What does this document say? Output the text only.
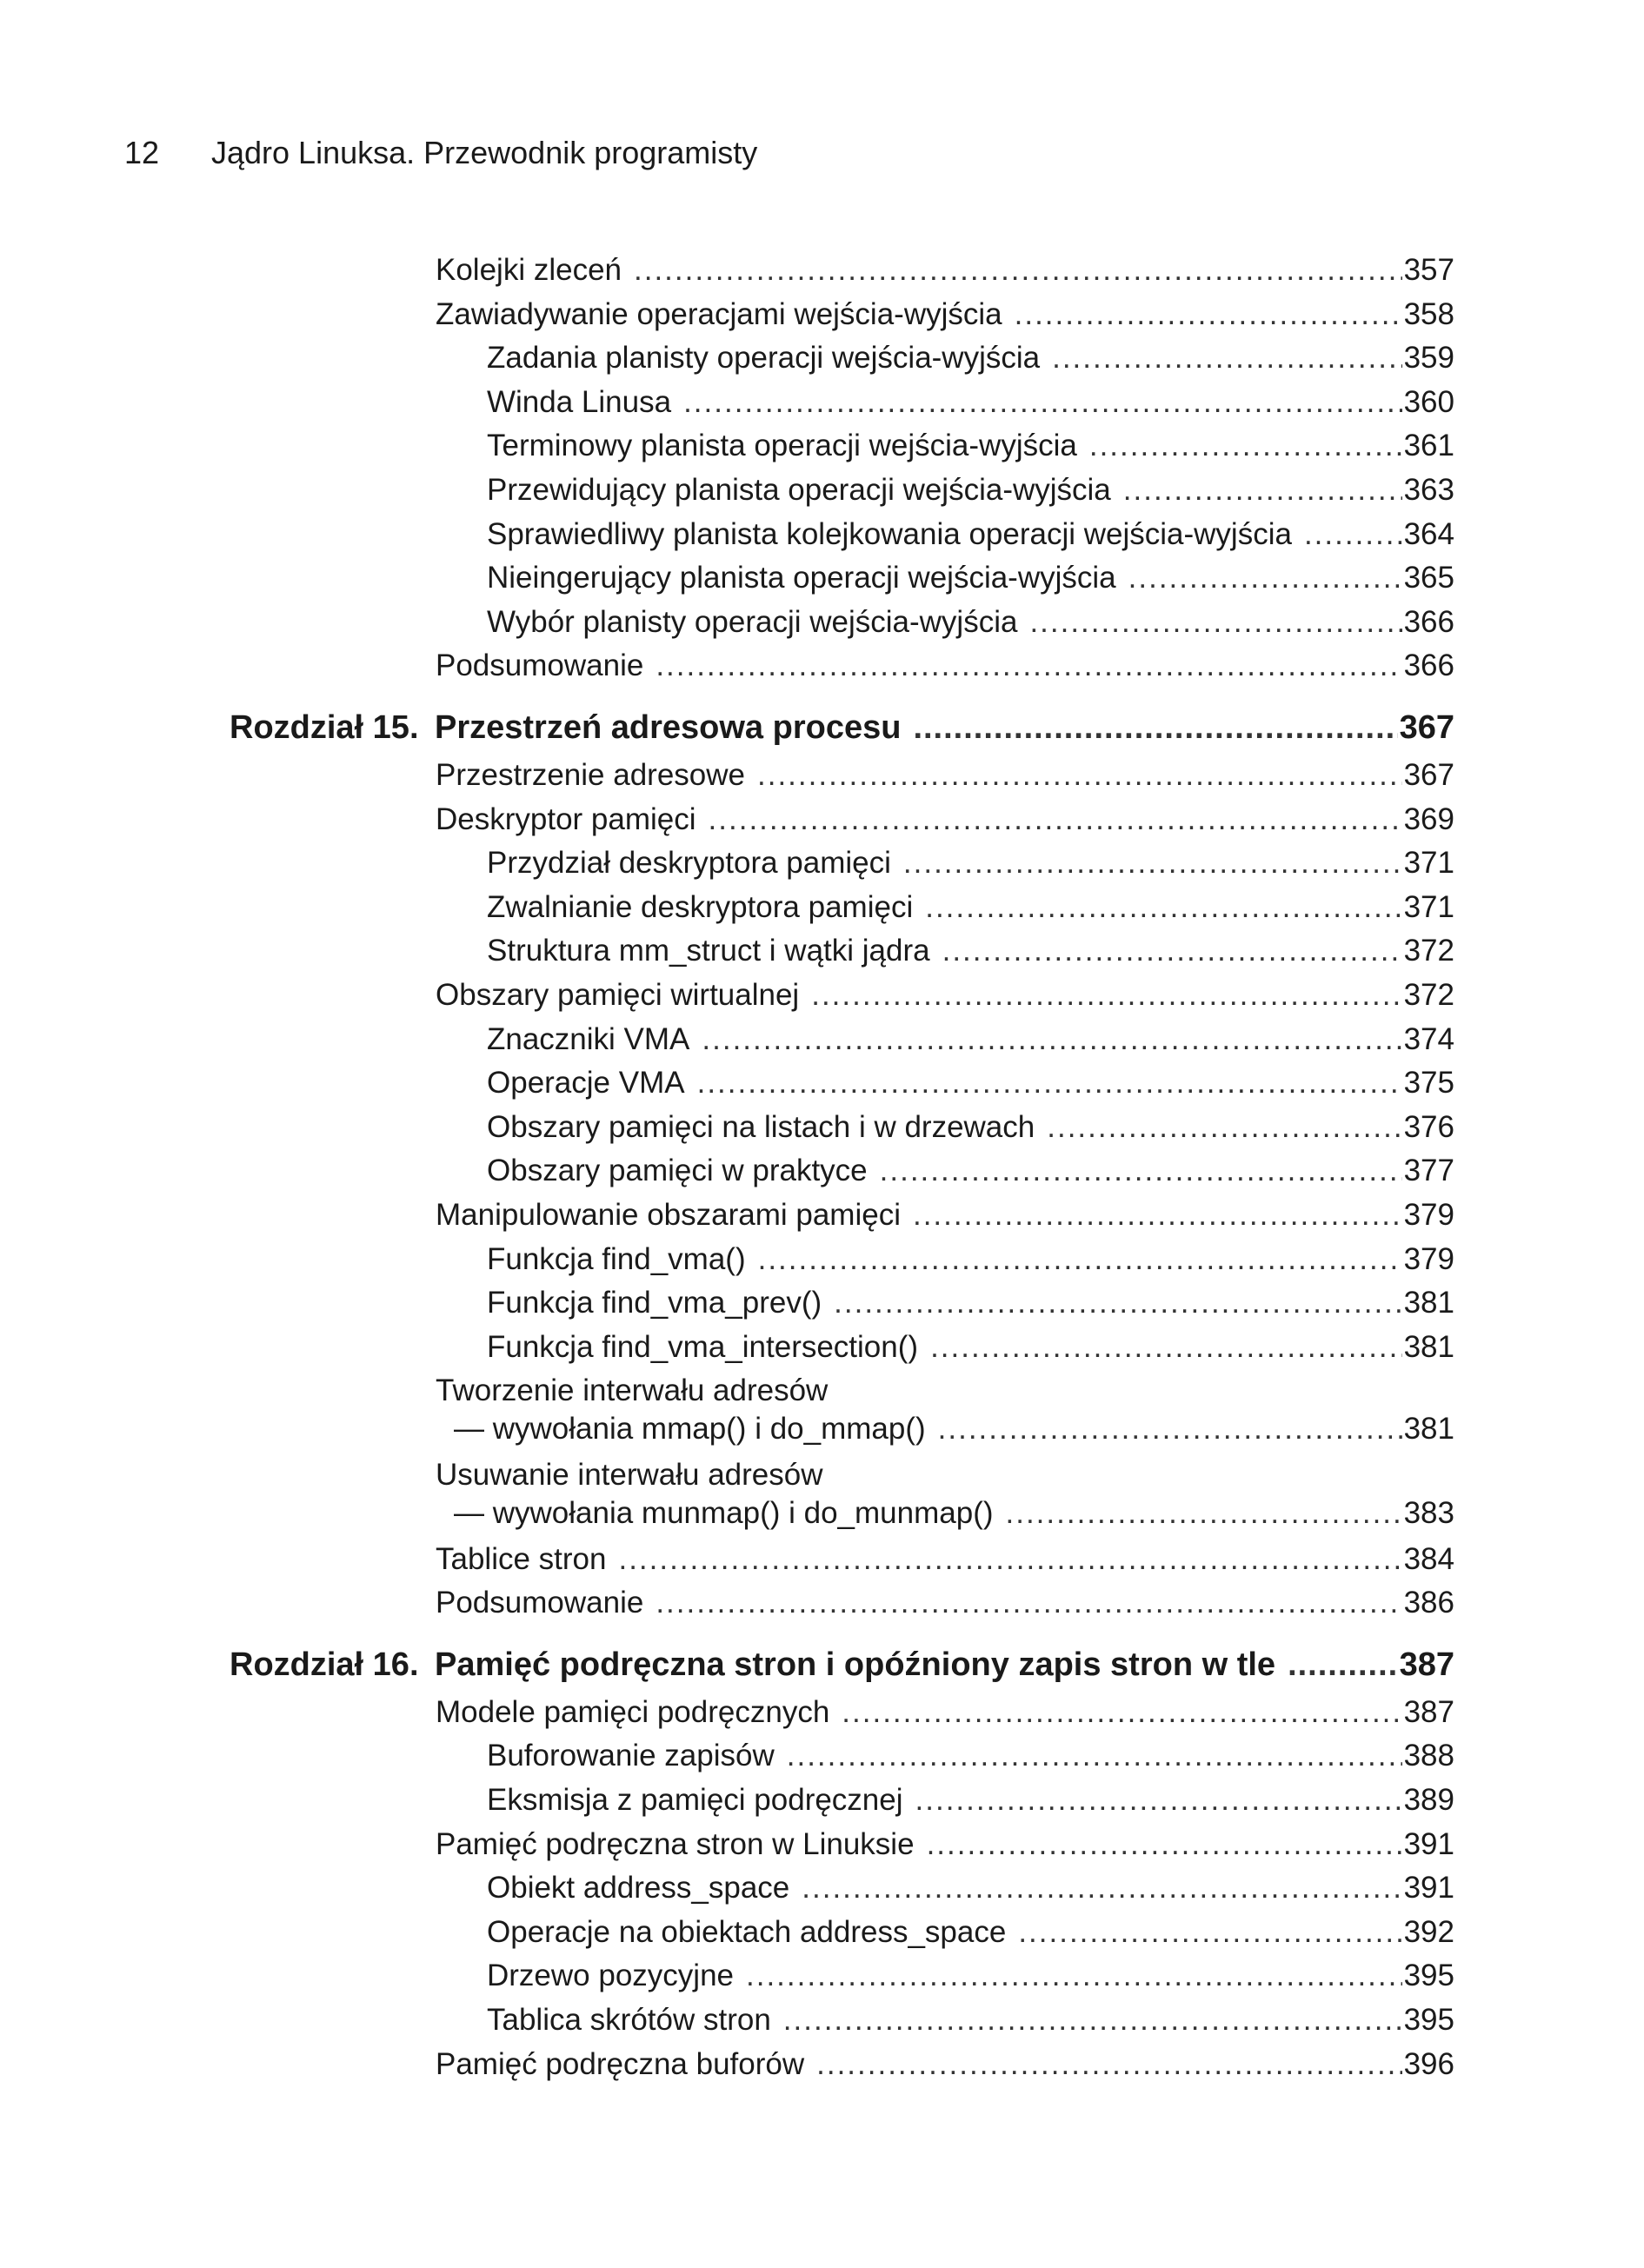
12 Jądro Linuksa. Przewodnik programisty
Kolejki zleceń .....	357
Zawiadywanie operacjami wejścia-wyjścia .....	358
Zadania planisty operacji wejścia-wyjścia .....	359
Winda Linusa .....	360
Terminowy planista operacji wejścia-wyjścia .....	361
Przewidujący planista operacji wejścia-wyjścia .....	363
Sprawiedliwy planista kolejkowania operacji wejścia-wyjścia .....	364
Nieingerujący planista operacji wejścia-wyjścia .....	365
Wybór planisty operacji wejścia-wyjścia .....	366
Podsumowanie .....	366
Rozdział 15. Przestrzeń adresowa procesu .....	367
Przestrzenie adresowe .....	367
Deskryptor pamięci .....	369
Przydział deskryptora pamięci .....	371
Zwalnianie deskryptora pamięci .....	371
Struktura mm_struct i wątki jądra .....	372
Obszary pamięci wirtualnej .....	372
Znaczniki VMA .....	374
Operacje VMA .....	375
Obszary pamięci na listach i w drzewach .....	376
Obszary pamięci w praktyce .....	377
Manipulowanie obszarami pamięci .....	379
Funkcja find_vma() .....	379
Funkcja find_vma_prev() .....	381
Funkcja find_vma_intersection() .....	381
Tworzenie interwału adresów
— wywołania mmap() i do_mmap() .....	381
Usuwanie interwału adresów
— wywołania munmap() i do_munmap() .....	383
Tablice stron .....	384
Podsumowanie .....	386
Rozdział 16. Pamięć podręczna stron i opóźniony zapis stron w tle .....	387
Modele pamięci podręcznych .....	387
Buforowanie zapisów .....	388
Eksmisja z pamięci podręcznej .....	389
Pamięć podręczna stron w Linuksie .....	391
Obiekt address_space .....	391
Operacje na obiektach address_space .....	392
Drzewo pozycyjne .....	395
Tablica skrótów stron .....	395
Pamięć podręczna buforów .....	396
